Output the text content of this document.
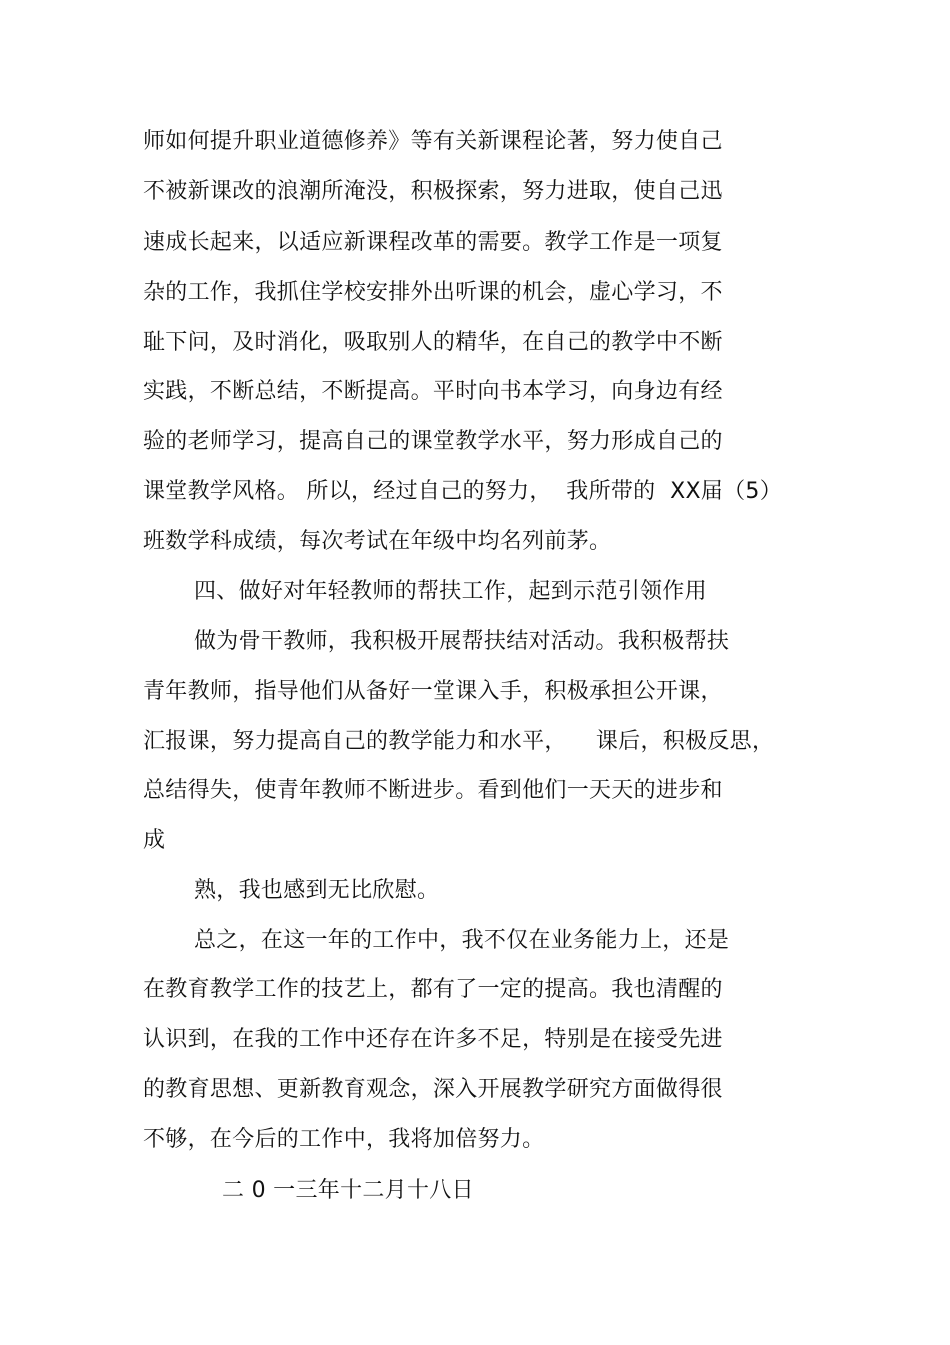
师如何提升职业道德修养》等有关新课程论著，努力使自己
不被新课改的浪潮所淹没，积极探索，努力进取，使自己迅
速成长起来，以适应新课程改革的需要。教学工作是一项复
杂的工作，我抓住学校安排外出听课的机会，虚心学习，不
耻下问，及时消化，吸取别人的精华，在自己的教学中不断
实践，不断总结，不断提高。平时向书本学习，向身边有经
验的老师学习，提高自己的课堂教学水平，努力形成自己的
课堂教学风格。 所以，经过自己的努力，  我所带的  XX届（5）
班数学科成绩，每次考试在年级中均名列前茅。
四、做好对年轻教师的帮扶工作，起到示范引领作用
做为骨干教师，我积极开展帮扶结对活动。我积极帮扶
青年教师，指导他们从备好一堂课入手，积极承担公开课，
汇报课，努力提高自己的教学能力和水平，    课后，积极反思，
总结得失，使青年教师不断进步。看到他们一天天的进步和
成
熟，我也感到无比欣慰。
总之，在这一年的工作中，我不仅在业务能力上，还是
在教育教学工作的技艺上，都有了一定的提高。我也清醒的
认识到，在我的工作中还存在许多不足，特别是在接受先进
的教育思想、更新教育观念，深入开展教学研究方面做得很
不够，在今后的工作中，我将加倍努力。
二 0 一三年十二月十八日
